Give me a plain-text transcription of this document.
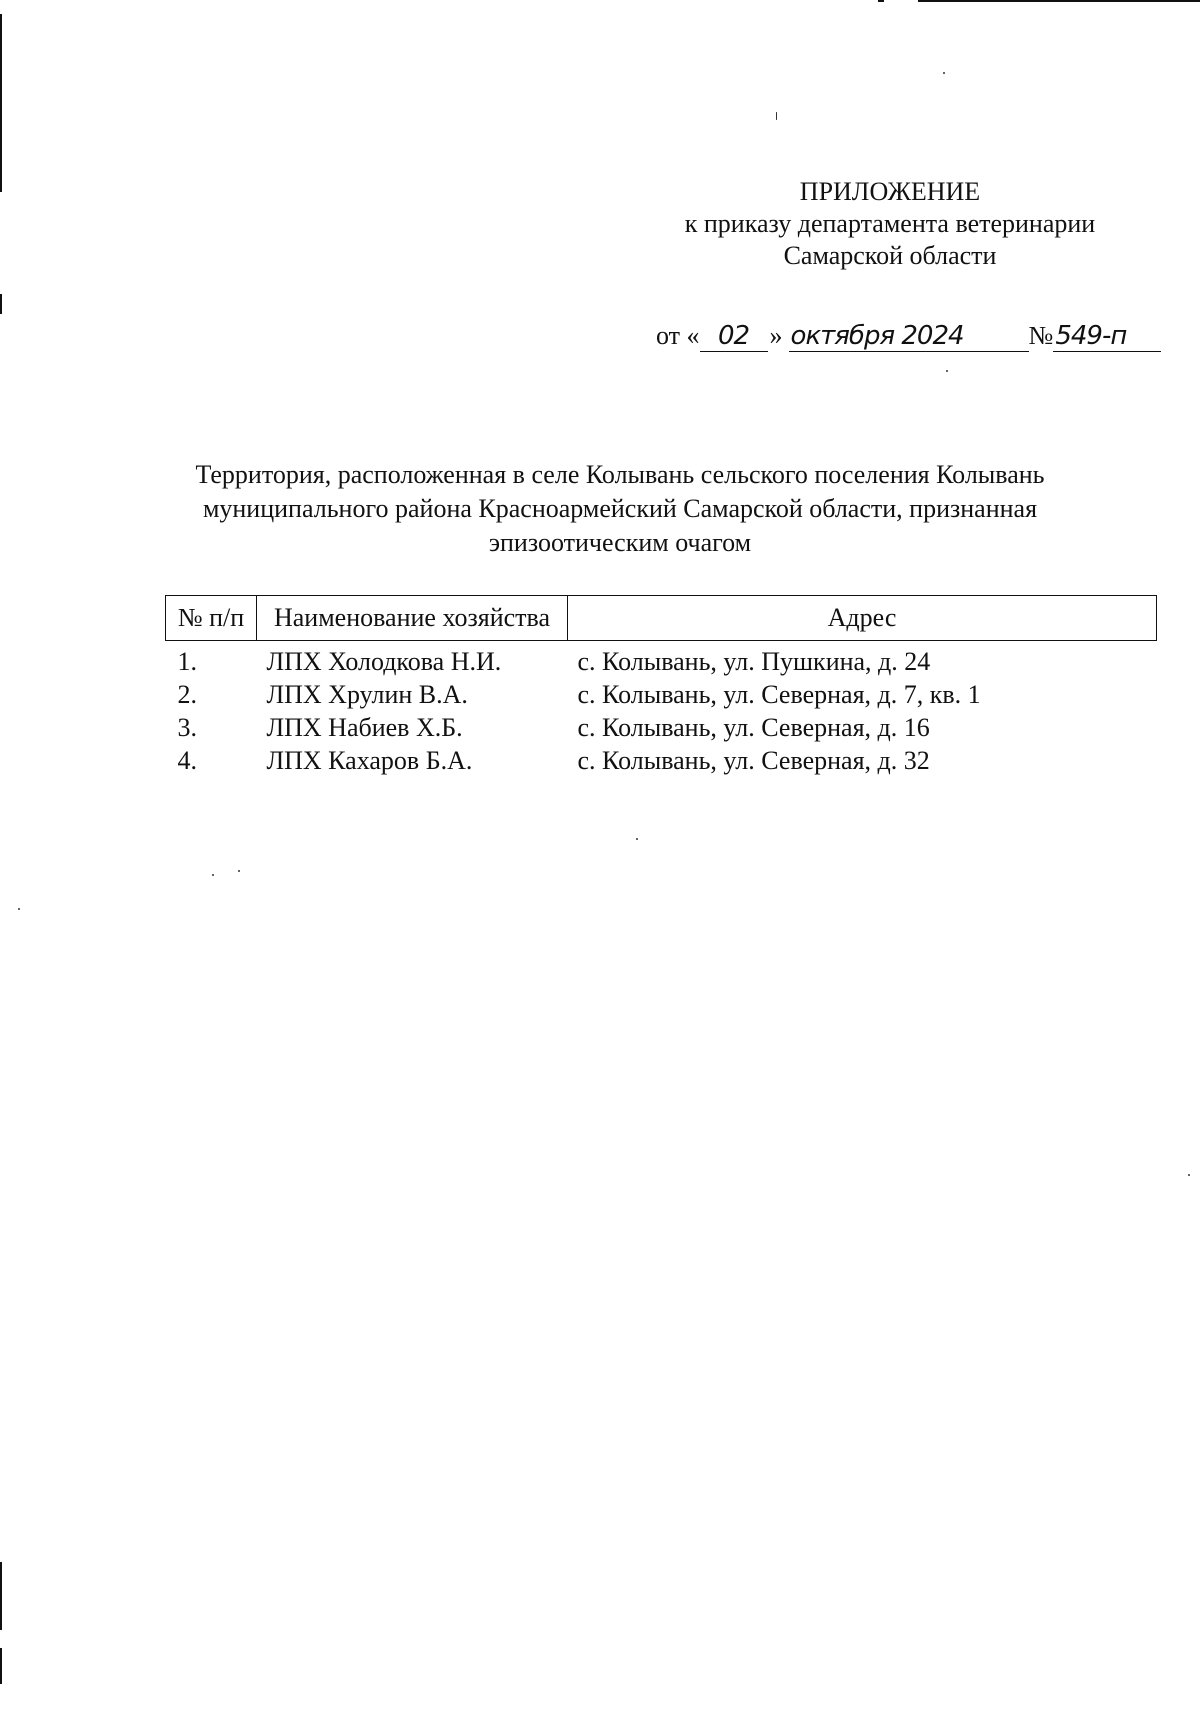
ПРИЛОЖЕНИЕ
к приказу департамента ветеринарии
Самарской области
от « 02 » октября 2024 №549-п
Территория, расположенная в селе Колывань сельского поселения Колывань
муниципального района Красноармейский Самарской области, признанная
эпизоотическим очагом
№ п/п	Наименование хозяйства	Адрес
1.	ЛПХ Холодкова Н.И.	с. Колывань, ул. Пушкина, д. 24
2.	ЛПХ Хрулин В.А.	с. Колывань, ул. Северная, д. 7, кв. 1
3.	ЛПХ Набиев Х.Б.	с. Колывань, ул. Северная, д. 16
4.	ЛПХ Кахаров Б.А.	с. Колывань, ул. Северная, д. 32
